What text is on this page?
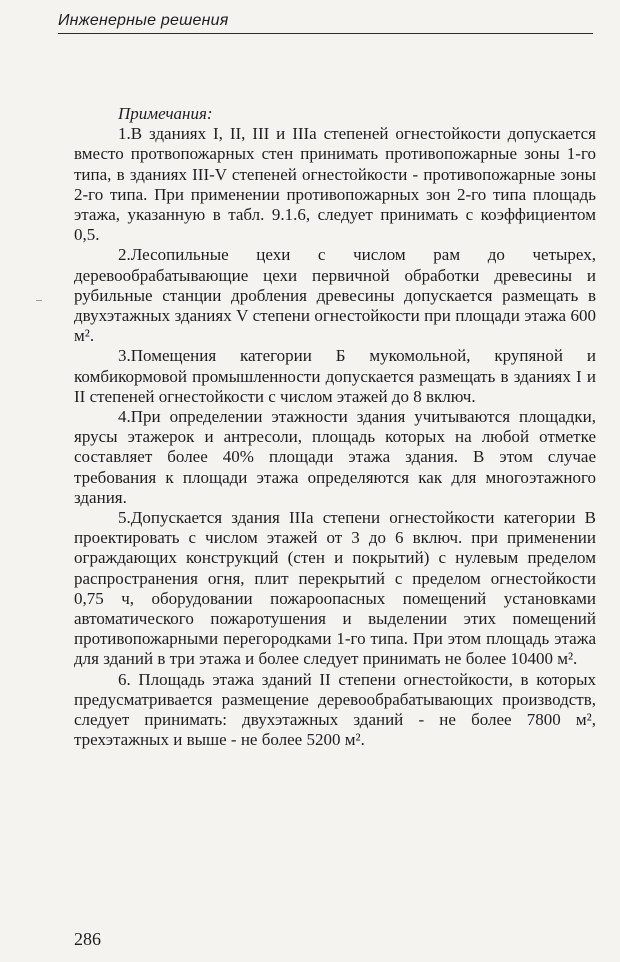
Инженерные решения

Примечания:

1.В зданиях I, II, III и IIIa степеней огнестойкости допускается вместо протвопожарных стен принимать противопожарные зоны 1-го типа, в зданиях III-V степеней огнестойкости - противопожарные зоны 2-го типа. При применении противопожарных зон 2-го типа площадь этажа, указанную в табл. 9.1.6, следует принимать с коэффициентом 0,5.

2.Лесопильные цехи с числом рам до четырех, деревообрабатывающие цехи первичной обработки древесины и рубильные станции дробления древесины допускается размещать в двухэтажных зданиях V степени огнестойкости при площади этажа 600 м².

3.Помещения категории Б мукомольной, крупяной и комбикормовой промышленности допускается размещать в зданиях I и II степеней огнестойкости с числом этажей до 8 включ.

4.При определении этажности здания учитываются площадки, ярусы этажерок и антресоли, площадь которых на любой отметке составляет более 40% площади этажа здания. В этом случае требования к площади этажа определяются как для многоэтажного здания.

5.Допускается здания IIIa степени огнестойкости категории В проектировать с числом этажей от 3 до 6 включ. при применении ограждающих конструкций (стен и покрытий) с нулевым пределом распространения огня, плит перекрытий с пределом огнестойкости 0,75 ч, оборудовании пожароопасных помещений установками автоматического пожаротушения и выделении этих помещений противопожарными перегородками 1-го типа. При этом площадь этажа для зданий в три этажа и более следует принимать не более 10400 м².

6. Площадь этажа зданий II степени огнестойкости, в которых предусматривается размещение деревообрабатывающих производств, следует принимать: двухэтажных зданий - не более 7800 м², трехэтажных и выше - не более 5200 м².

286
